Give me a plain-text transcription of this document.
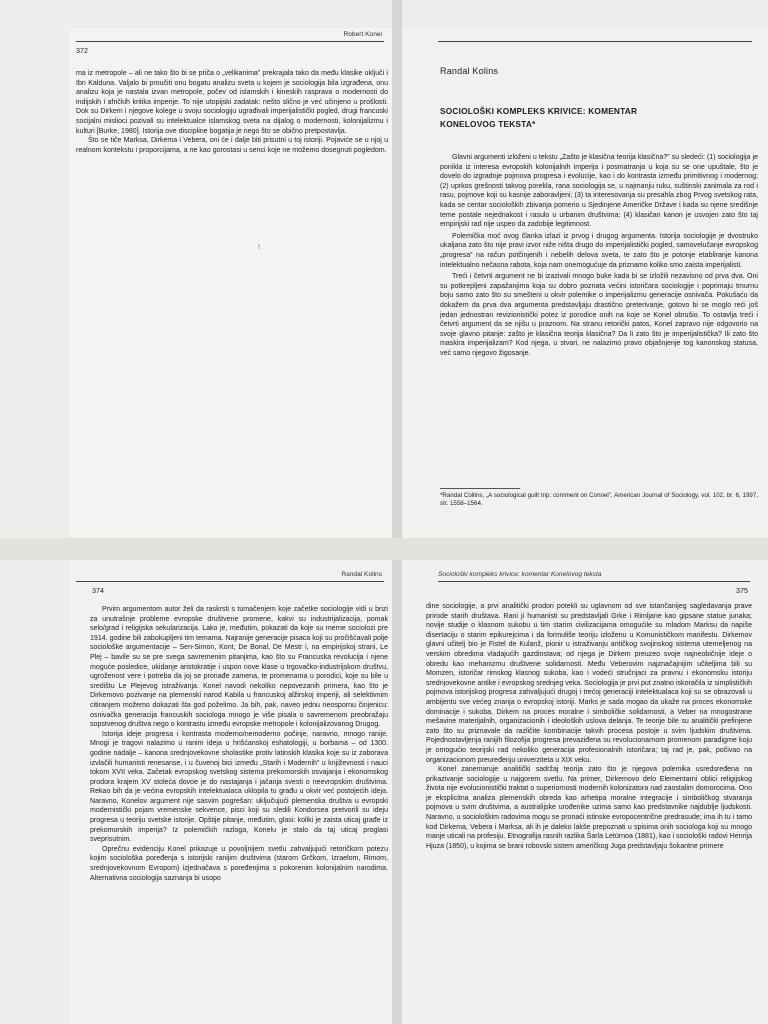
Robert Konel
372

ma iz metropole – ali ne tako što bi se priča o „velikanima” prekrajala tako da među klasike uključi i Ibn Kalduna. Valjalo bi proučiti onu bogatu analizu sveta u kojem je sociologija bila izgrađena, onu analizu koja je nastala izvan metropole, počev od islamskih i kineskih rasprava o modernosti do indijskih i afričkih kritika imperije. To nije utopijski zadatak: nešto slično je već učinjeno u prošlosti. Dok su Dirkem i njegove kolege u svoju sociologiju ugrađivali imperijalistički pogled, drugi francuski socijalni mislioci pozivali su intelektualce islamskog sveta na dijalog o modernosti, kolonijalizmu i kulturi [Burke, 1980]. Istorija ove discipline bogatija je nego što se obično pretpostavlja.

Što se tiče Marksa, Dirkema i Vebera, oni će i dalje biti prisutni u toj istoriji. Pojaviće se u njoj u realnom kontekstu i proporcijama, a ne kao gorostasi u senci koje ne možemo dosegnuti pogledom.

!
Randal Kolins
SOCIOLOŠKI KOMPLEKS KRIVICE: KOMENTAR
KONELOVOG TEKSTA*

Glavni argumenti izloženi u tekstu „Zašto je klasična teorija klasična?” su sledeći: (1) sociologija je ponikla iz interesa evropskih kolonijalnih imperija i posmatranja u koja su se one upuštale, što je dovelo do izgradnje pojmova progresa i evolucije, kao i do kontrasta između primitivnog i modernog; (2) uprkos grešnosti takvog porekla, rana sociologija se, u najmanju ruku, suštinski zanimala za rod i rasu, pojmove koji su kasnije zaboravljeni; (3) ta interesovanja su presahla zbog Prvog svetskog rata, kada se centar socioloških zbivanja pomerio u Sjedinjene Američke Države i kada su njene središnje teme postale nejednakost i rasulo u urbanim društvima; (4) klasičan kanon je usvojen zato što taj empirijski rad nije uspeo da zadobije legitimnost.

Polemička moć ovog članka izlazi iz prvog i drugog argumenta. Istorija sociologije je dvostruko ukaljana zato što nije pravi izvor niže ništa drugo do imperijalistički pogled, samovelučanje evropskog „progresa” na račun potčinjenih i nebelih delova sveta, te zato što je potonje etabliranje kanona intelektualno nečasna rabota, koja nam onemogućuje da priznamo koliko smo zaista imperijalisti.

Treći i četvrti argument ne bi izazivali mnogo buke kada bi se izložili nezavisno od prva dva. Oni su potkrepljeni zapažanjima koja su dobro poznata većini istoričara sociologije i poprimaju tmurnu boju samo zato što su smešteni u okvir polemike o imperijalizmu generacije osnivača. Pokušaću da dokažem da prva dva argumenta predstavljaju drastično preterivanje, gotovo bi se moglo reći još jedan jednostran revizionistički potez iz porodice onih na koje se Konel obrušio. To ostavlja treći i četvrti argument da se njišu u praznom. Na stranu retorički patos, Konel zapravo nije odgovorio na svoje glavno pitanje: zašto je klasična teorija klasična? Da li zato što je imperijalistička? Ili zato što maskira imperijalizam? Kod njega, u stvari, ne nalazimo pravo objašnjenje tog kanonskog statusa, već samo njegovo žigosanje.

*Randal Collins, „A sociological guilt trip: comment on Connel”, American Journal of Sociology, vol. 102, br. 6, 1997, str. 1558–1564.
Randal Kolins
374

Prvim argumentom autor želi da raskrsti s tumačenjem koje začetke sociologije vidi u brizi za unutrašnje probleme evropske društvene promene, kakvi su industrijalizacija, pomak selo/grad i religijska sekularizacija. Lako je, međutim, pokazati da koje su merne sociolozi pre 1914. godine bili zabokupljeni tim temama. Najranije generacije pisaca koji su pročišćavali polje sociološke argumentacije – Sen-Simon, Kont, De Bonal, De Mestr i, na empirijskoj strani, Le Plej – bavile su se pre svega savremenim pitanjima, kao što su Francuska revolucija i njene moguće posledice, ukidanje aristokratije i uspon nove klase u trgovačko-industrijskom društvu, ugroženost vere i potreba da joj se pronađe zamena, te promenama u porodici, koje su bile u središtu Le Plejevog istraživanja. Konel navodi nekoliko nepovezanih primera, kao što je Dirkemovo pozivanje na plemenski narod Kabila u francuskoj alžirskoj imperiji, ali selektivnim citiranjem možemo dokazati šta god poželimo. Ja bih, pak, naveo jednu neospornu činjenicu: osnivačka generacija francuskih sociologa mnogo je više pisala o savremenom preobražaju sopstvenog društva nego o kontrastu između evropske metropole i kolonijalizovanog Drugog.

Istorija ideje progresa i kontrasta moderno/nemoderno počinje, naravno, mnogo ranije. Mnogi je tragovi nalazimo u ranim ideja u hrišćanskoj eshatologiji, u borbama – od 1300. godine nadalje – kanona srednjovekovne sholastike protiv latinskih klasika koje su iz zaborava izvlačili humanisti renesanse, i u čuvenoj bici između „Starih i Modernih” u književnosti i nauci tokom XVII veka. Začetak evropskog svetskog sistema prekomorskih osvajanja i ekonomskog prodora krajem XV stoleća dovoe je do nastajanja i jačanja svesti o neevropskim društvima. Rekao bih da je većina evropskih intelektualaca uklopila tu građu u okvir već postojećih ideja. Naravno, Konelov argument nije sasvim pogrešan: uključujući plemenska društva u evropski modernistički pojam vremenske sekvence, pisci koji su sledili Kondorsea pretvorili su ideju progresa u teoriju svetske istorije. Opštije pitanje, međutim, glasi: koliki je zaista uticaj građe iz prekomorskih imperija? Iz polemičkih razloga, Konelu je stalo da taj uticaj proglasi sveprisutnim.

Oprečnu evidenciju Konel prikazuje u povoljnijem svetlu zahvaljujući retoričkom potezu kojim sociološka poređenja s istorijski ranijim društvima (starom Grčkom, Izraelom, Rimom, srednjovekovnom Evropom) izjednačava s poređenjima s pokorenim kolonijalnim narodima. Alternativna sociologija saznanja bi usopo

Sociološki kompleks krivice: komentar Konelovog teksta
375

dine sociologije, a prvi analitički prodori potekli su uglavnom od sve istančanijeg sagledavanja prave prirode starih društava. Rani ji humanisti su predstavljali Grke i Rimljane kao gipsane statue junaka; novije studije o klasnom sukobu u tim starim civilizacijama omogućile su mladom Marksu da napiše disertaciju o starim epikurejcima i da formuliše teoriju izloženu u Komunističkom manifestu. Dirkemov glavni učitelj bio je Fistel de Kulanž, pionir u istraživanju antičkog svojinskog sistema utemeljenog na verskim obredima vladajućih gazdinstava; od njega je Dirkem preuzeo svoje najneobičnije ideje o obredu kao mehanizmu društvene solidarnosti. Među Veberovim najznačajnijim učiteljima bili su Momzen, istoričar rimskog klasnog sukoba, kao i vodeći stručnjaci za pravnu i ekonomsku istoriju srednjovekovne antike i evropskog srednjeg veka. Sociologija je prvi put znatno iskoračila iz simplističkih pojmova istorijskog progresa zahvaljujući drugoj i trećoj generaciji intelektualaca koji su se obrazovali u ambijentu sve većeg znanja o evropskoj istoriji. Marks je sada mogao da ukaže na proces ekonomske dominacije i sukoba, Dirkem na proces moralne i simboličke solidarnosti, a Veber na mnogostrane mešavine materijalnih, organizacionih i ideoloških uslova delanja. Te teorije bile su analitički prefinjene zato što su priznavale da različite kombinacije takvih procesa postoje u svim ljudskim društvima. Pojednostavljenja ranijih filozofija progresa prevaziđena su revolucionarnom promenom paradigme koju je omogućio teorijski rad nekoliko generacija profesionalnih istoričara; taj rad je, pak, počivao na organizacionom preuređenju univerziteta u XIX veku.

Konel zanemaruje analitički sadržaj teorija zato što je njegova polemika usredsređena na prikazivanje sociologije u najgorem svetlu. Na primer, Dirkemovo delo Elementarni oblici religijskog života nije evolucionistički traktat o superiornosti modernih kolonizatora nad zaostalim domorocima. Ono je eksplicitna analiza plemenskih obreda kao arhetipa moralne integracije i simboličkog stvaranja pojmova u svim društvima, a australijske urođenike uzima samo kao predstavnike najdublje ljudskosti. Naravno, u sociološkim radovima mogu se pronaći istinske evropocentrične predrasude; ima ih tu i tamo kod Dirkema, Vebera i Marksa, ali ih je daleko lakše prepoznati u spisima onih sociologa koji su mnogo manje uticali na profesiju. Etnografija rasnih razlika Šarla Letürnoa (1881), kao i sociološki radovi Henrija Hjuza (1850), u kojima se brani robovski sistem američkog Juga predstavljaju šokantne primere
